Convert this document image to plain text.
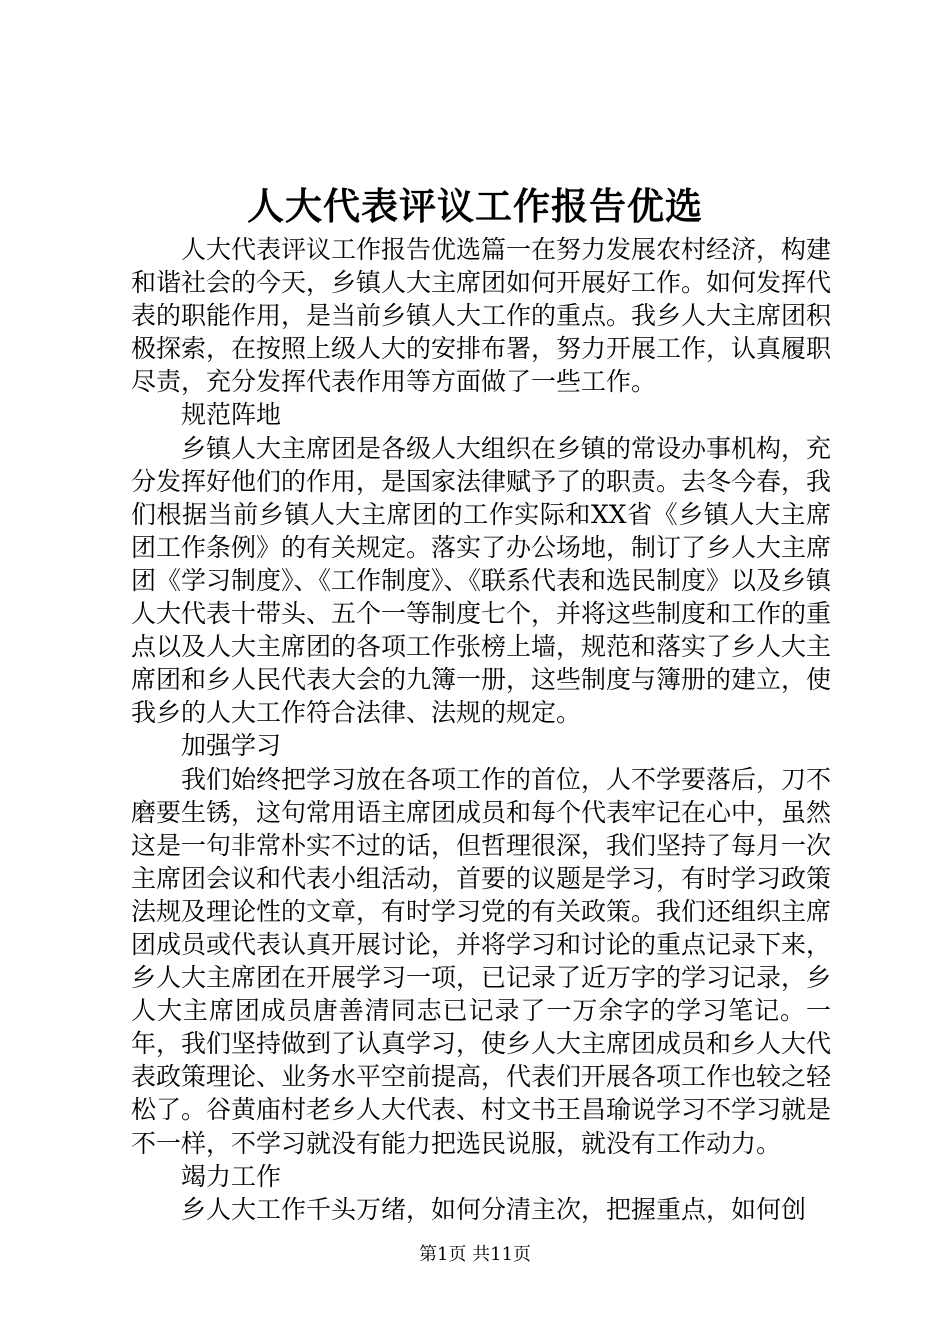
人大代表评议工作报告优选

人大代表评议工作报告优选篇一在努力发展农村经济，构建和谐社会的今天，乡镇人大主席团如何开展好工作。如何发挥代表的职能作用，是当前乡镇人大工作的重点。我乡人大主席团积极探索，在按照上级人大的安排布署，努力开展工作，认真履职尽责，充分发挥代表作用等方面做了一些工作。

规范阵地

乡镇人大主席团是各级人大组织在乡镇的常设办事机构，充分发挥好他们的作用，是国家法律赋予了的职责。去冬今春，我们根据当前乡镇人大主席团的工作实际和XX省《乡镇人大主席团工作条例》的有关规定。落实了办公场地，制订了乡人大主席团《学习制度》、《工作制度》、《联系代表和选民制度》以及乡镇人大代表十带头、五个一等制度七个，并将这些制度和工作的重点以及人大主席团的各项工作张榜上墙，规范和落实了乡人大主席团和乡人民代表大会的九簿一册，这些制度与簿册的建立，使我乡的人大工作符合法律、法规的规定。

加强学习

我们始终把学习放在各项工作的首位，人不学要落后，刀不磨要生锈，这句常用语主席团成员和每个代表牢记在心中，虽然这是一句非常朴实不过的话，但哲理很深，我们坚持了每月一次主席团会议和代表小组活动，首要的议题是学习，有时学习政策法规及理论性的文章，有时学习党的有关政策。我们还组织主席团成员或代表认真开展讨论，并将学习和讨论的重点记录下来，乡人大主席团在开展学习一项，已记录了近万字的学习记录，乡人大主席团成员唐善清同志已记录了一万余字的学习笔记。一年，我们坚持做到了认真学习，使乡人大主席团成员和乡人大代表政策理论、业务水平空前提高，代表们开展各项工作也较之轻松了。谷黄庙村老乡人大代表、村文书王昌瑜说学习不学习就是不一样，不学习就没有能力把选民说服，就没有工作动力。

竭力工作

乡人大工作千头万绪，如何分清主次，把握重点，如何创

第1页 共11页
